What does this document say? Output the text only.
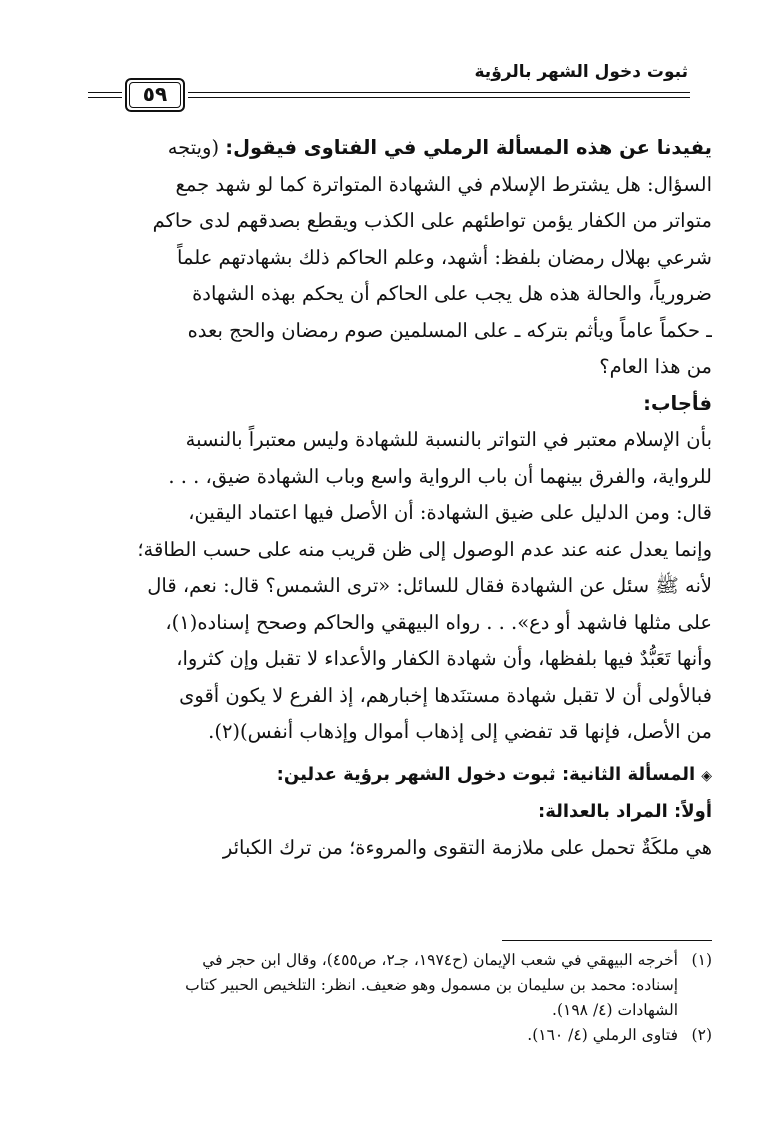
ثبوت دخول الشهر بالرؤية
٥٩
يفيدنا عن هذه المسألة الرملي في الفتاوى فيقول: (ويتجه
السؤال: هل يشترط الإسلام في الشهادة المتواترة كما لو شهد جمع
متواتر من الكفار يؤمن تواطئهم على الكذب ويقطع بصدقهم لدى حاكم
شرعي بهلال رمضان بلفظ: أشهد، وعلم الحاكم ذلك بشهادتهم علماً
ضرورياً، والحالة هذه هل يجب على الحاكم أن يحكم بهذه الشهادة
ـ حكماً عاماً ويأثم بتركه ـ على المسلمين صوم رمضان والحج بعده
من هذا العام؟
فأجاب:
بأن الإسلام معتبر في التواتر بالنسبة للشهادة وليس معتبراً بالنسبة
للرواية، والفرق بينهما أن باب الرواية واسع وباب الشهادة ضيق، . . .
قال: ومن الدليل على ضيق الشهادة: أن الأصل فيها اعتماد اليقين،
وإنما يعدل عنه عند عدم الوصول إلى ظن قريب منه على حسب الطاقة؛
لأنه ﷺ سئل عن الشهادة فقال للسائل: «ترى الشمس؟ قال: نعم، قال
على مثلها فاشهد أو دع». . . رواه البيهقي والحاكم وصحح إسناده(١)،
وأنها تَعَبُّدٌ فيها بلفظها، وأن شهادة الكفار والأعداء لا تقبل وإن كثروا،
فبالأولى أن لا تقبل شهادة مستنَدها إخبارهم، إذ الفرع لا يكون أقوى
من الأصل، فإنها قد تفضي إلى إذهاب أموال وإذهاب أنفس)(٢).
◈المسألة الثانية: ثبوت دخول الشهر برؤية عدلين:
أولاً: المراد بالعدالة:
هي ملكَةٌ تحمل على ملازمة التقوى والمروءة؛ من ترك الكبائر
(١)أخرجه البيهقي في شعب الإيمان (ح١٩٧٤، جـ٢، ص٤٥٥)، وقال ابن حجر في
إسناده: محمد بن سليمان بن مسمول وهو ضعيف. انظر: التلخيص الحبير كتاب
الشهادات (٤/ ١٩٨).
(٢)فتاوى الرملي (٤/ ١٦٠).
